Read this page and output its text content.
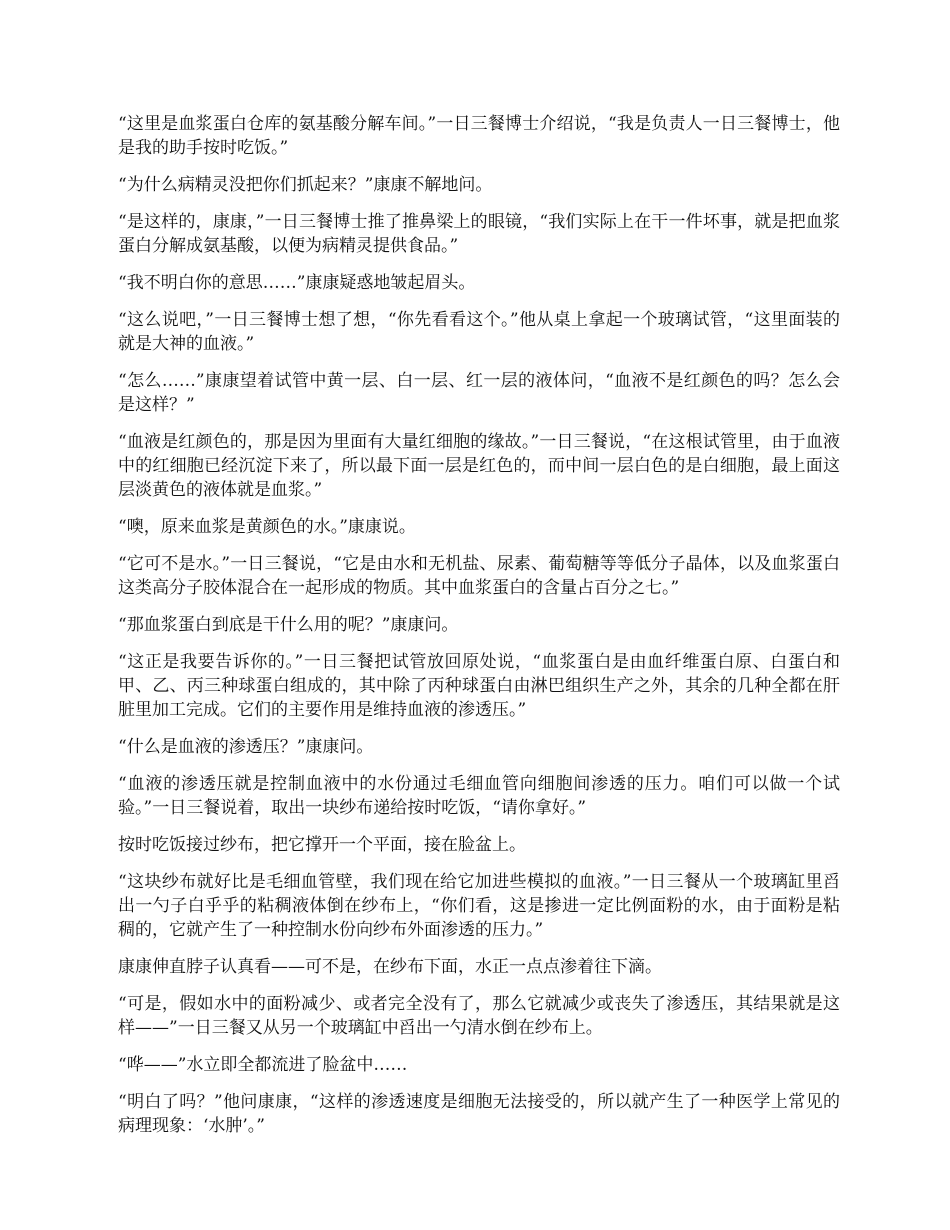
“这里是血浆蛋白仓库的氨基酸分解车间。”一日三餐博士介绍说，“我是负责人一日三餐博士，他是我的助手按时吃饭。”

“为什么病精灵没把你们抓起来？”康康不解地问。

“是这样的，康康，”一日三餐博士推了推鼻梁上的眼镜，“我们实际上在干一件坏事，就是把血浆蛋白分解成氨基酸，以便为病精灵提供食品。”

“我不明白你的意思……”康康疑惑地皱起眉头。

“这么说吧，”一日三餐博士想了想，“你先看看这个。”他从桌上拿起一个玻璃试管，“这里面装的就是大神的血液。”

“怎么……”康康望着试管中黄一层、白一层、红一层的液体问，“血液不是红颜色的吗？怎么会是这样？”

“血液是红颜色的，那是因为里面有大量红细胞的缘故。”一日三餐说，“在这根试管里，由于血液中的红细胞已经沉淀下来了，所以最下面一层是红色的，而中间一层白色的是白细胞，最上面这层淡黄色的液体就是血浆。”

“噢，原来血浆是黄颜色的水。”康康说。

“它可不是水。”一日三餐说，“它是由水和无机盐、尿素、葡萄糖等等低分子晶体，以及血浆蛋白这类高分子胶体混合在一起形成的物质。其中血浆蛋白的含量占百分之七。”

“那血浆蛋白到底是干什么用的呢？”康康问。

“这正是我要告诉你的。”一日三餐把试管放回原处说，“血浆蛋白是由血纤维蛋白原、白蛋白和甲、乙、丙三种球蛋白组成的，其中除了丙种球蛋白由淋巴组织生产之外，其余的几种全都在肝脏里加工完成。它们的主要作用是维持血液的渗透压。”

“什么是血液的渗透压？”康康问。

“血液的渗透压就是控制血液中的水份通过毛细血管向细胞间渗透的压力。咱们可以做一个试验。”一日三餐说着，取出一块纱布递给按时吃饭，“请你拿好。”

按时吃饭接过纱布，把它撑开一个平面，接在脸盆上。

“这块纱布就好比是毛细血管壁，我们现在给它加进些模拟的血液。”一日三餐从一个玻璃缸里舀出一勺子白乎乎的粘稠液体倒在纱布上，“你们看，这是掺进一定比例面粉的水，由于面粉是粘稠的，它就产生了一种控制水份向纱布外面渗透的压力。”

康康伸直脖子认真看——可不是，在纱布下面，水正一点点渗着往下滴。

“可是，假如水中的面粉减少、或者完全没有了，那么它就减少或丧失了渗透压，其结果就是这样——”一日三餐又从另一个玻璃缸中舀出一勺清水倒在纱布上。

“哗——”水立即全都流进了脸盆中……

“明白了吗？”他问康康，“这样的渗透速度是细胞无法接受的，所以就产生了一种医学上常见的病理现象：‘水肿’。”
